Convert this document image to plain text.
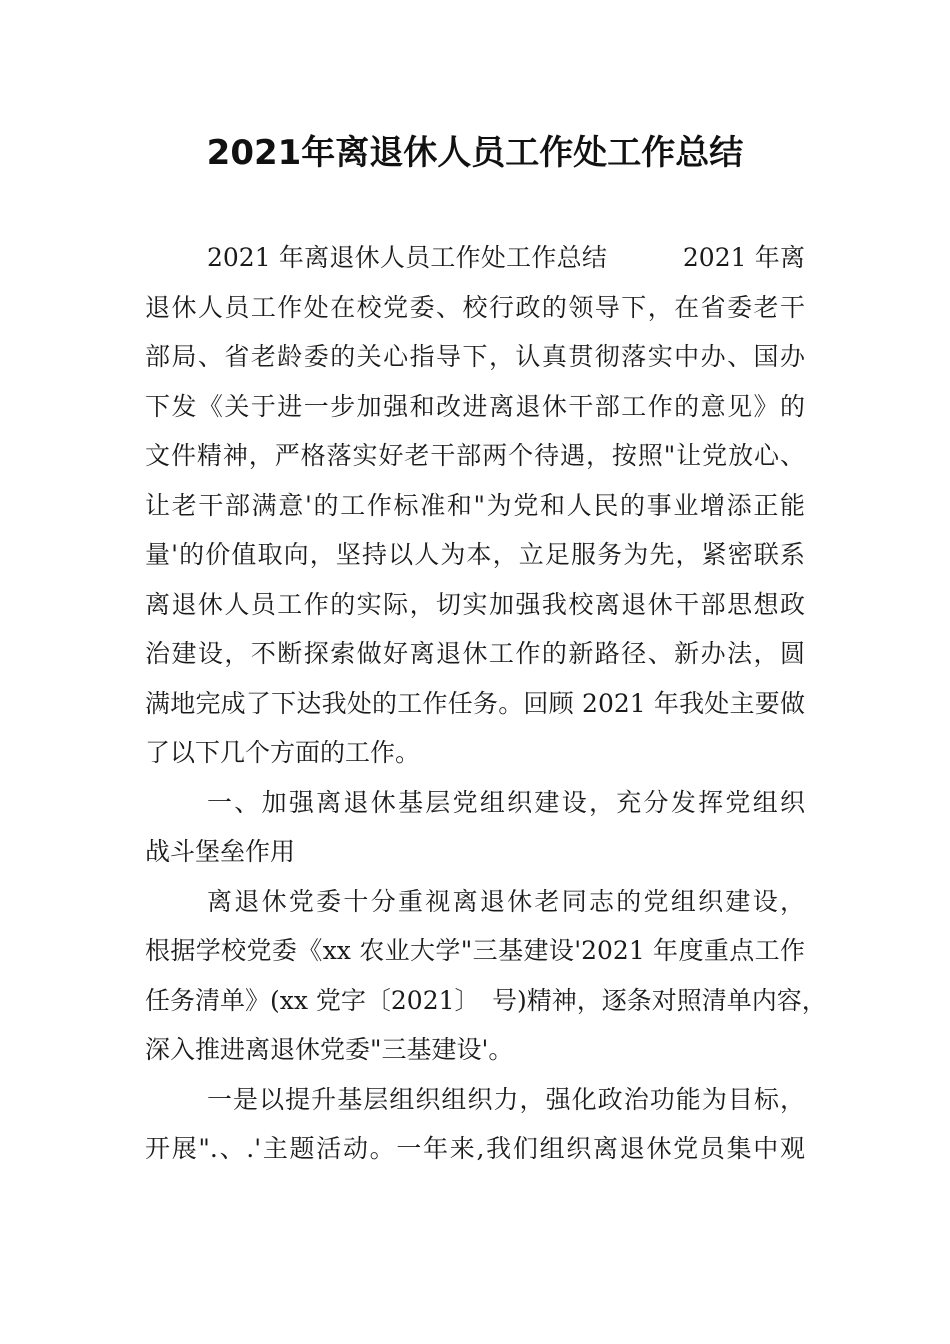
2021年离退休人员工作处工作总结

2021 年离退休人员工作处工作总结　　　2021 年离

退休人员工作处在校党委、校行政的领导下，在省委老干

部局、省老龄委的关心指导下，认真贯彻落实中办、国办

下发《关于进一步加强和改进离退休干部工作的意见》的

文件精神，严格落实好老干部两个待遇，按照"让党放心、

让老干部满意'的工作标准和"为党和人民的事业增添正能

量'的价值取向，坚持以人为本，立足服务为先，紧密联系

离退休人员工作的实际，切实加强我校离退休干部思想政

治建设，不断探索做好离退休工作的新路径、新办法，圆

满地完成了下达我处的工作任务。回顾 2021 年我处主要做

了以下几个方面的工作。

一、加强离退休基层党组织建设，充分发挥党组织

战斗堡垒作用

离退休党委十分重视离退休老同志的党组织建设，

根据学校党委《xx 农业大学"三基建设'2021 年度重点工作

任务清单》(xx 党字〔2021〕　号)精神，逐条对照清单内容，

深入推进离退休党委"三基建设'。

一是以提升基层组织组织力，强化政治功能为目标，

开展".、.'主题活动。一年来,我们组织离退休党员集中观
